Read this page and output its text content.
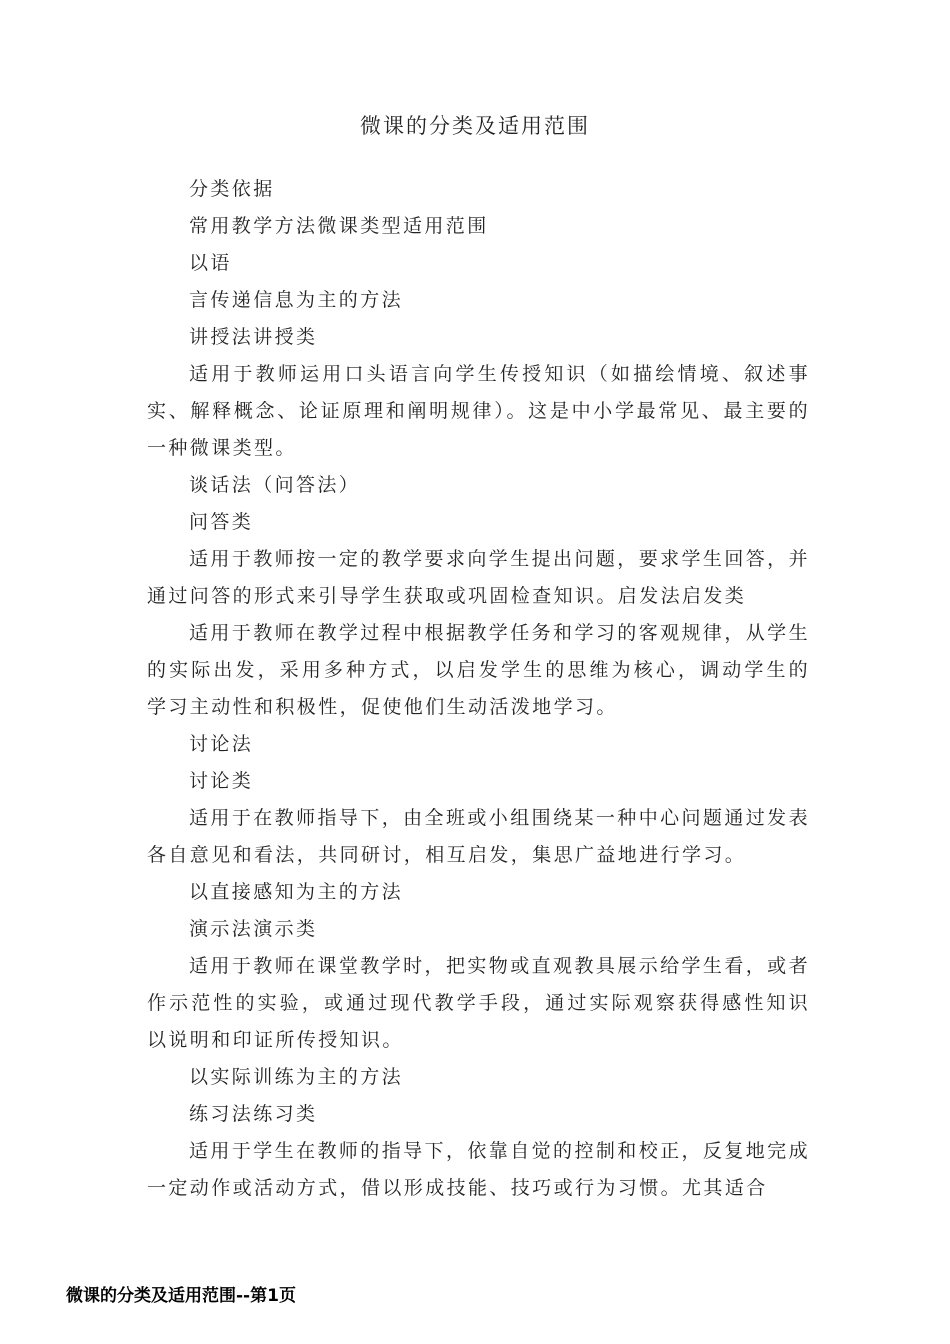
微课的分类及适用范围

分类依据

常用教学方法微课类型适用范围

以语

言传递信息为主的方法

讲授法讲授类

适用于教师运用口头语言向学生传授知识（如描绘情境、叙述事实、解释概念、论证原理和阐明规律）。这是中小学最常见、最主要的一种微课类型。

谈话法（问答法）

问答类

适用于教师按一定的教学要求向学生提出问题，要求学生回答，并通过问答的形式来引导学生获取或巩固检查知识。启发法启发类

适用于教师在教学过程中根据教学任务和学习的客观规律，从学生的实际出发，采用多种方式，以启发学生的思维为核心，调动学生的学习主动性和积极性，促使他们生动活泼地学习。

讨论法

讨论类

适用于在教师指导下，由全班或小组围绕某一种中心问题通过发表各自意见和看法，共同研讨，相互启发，集思广益地进行学习。

以直接感知为主的方法

演示法演示类

适用于教师在课堂教学时，把实物或直观教具展示给学生看，或者作示范性的实验，或通过现代教学手段，通过实际观察获得感性知识以说明和印证所传授知识。

以实际训练为主的方法

练习法练习类

适用于学生在教师的指导下，依靠自觉的控制和校正，反复地完成一定动作或活动方式，借以形成技能、技巧或行为习惯。尤其适合

微课的分类及适用范围--第1页
